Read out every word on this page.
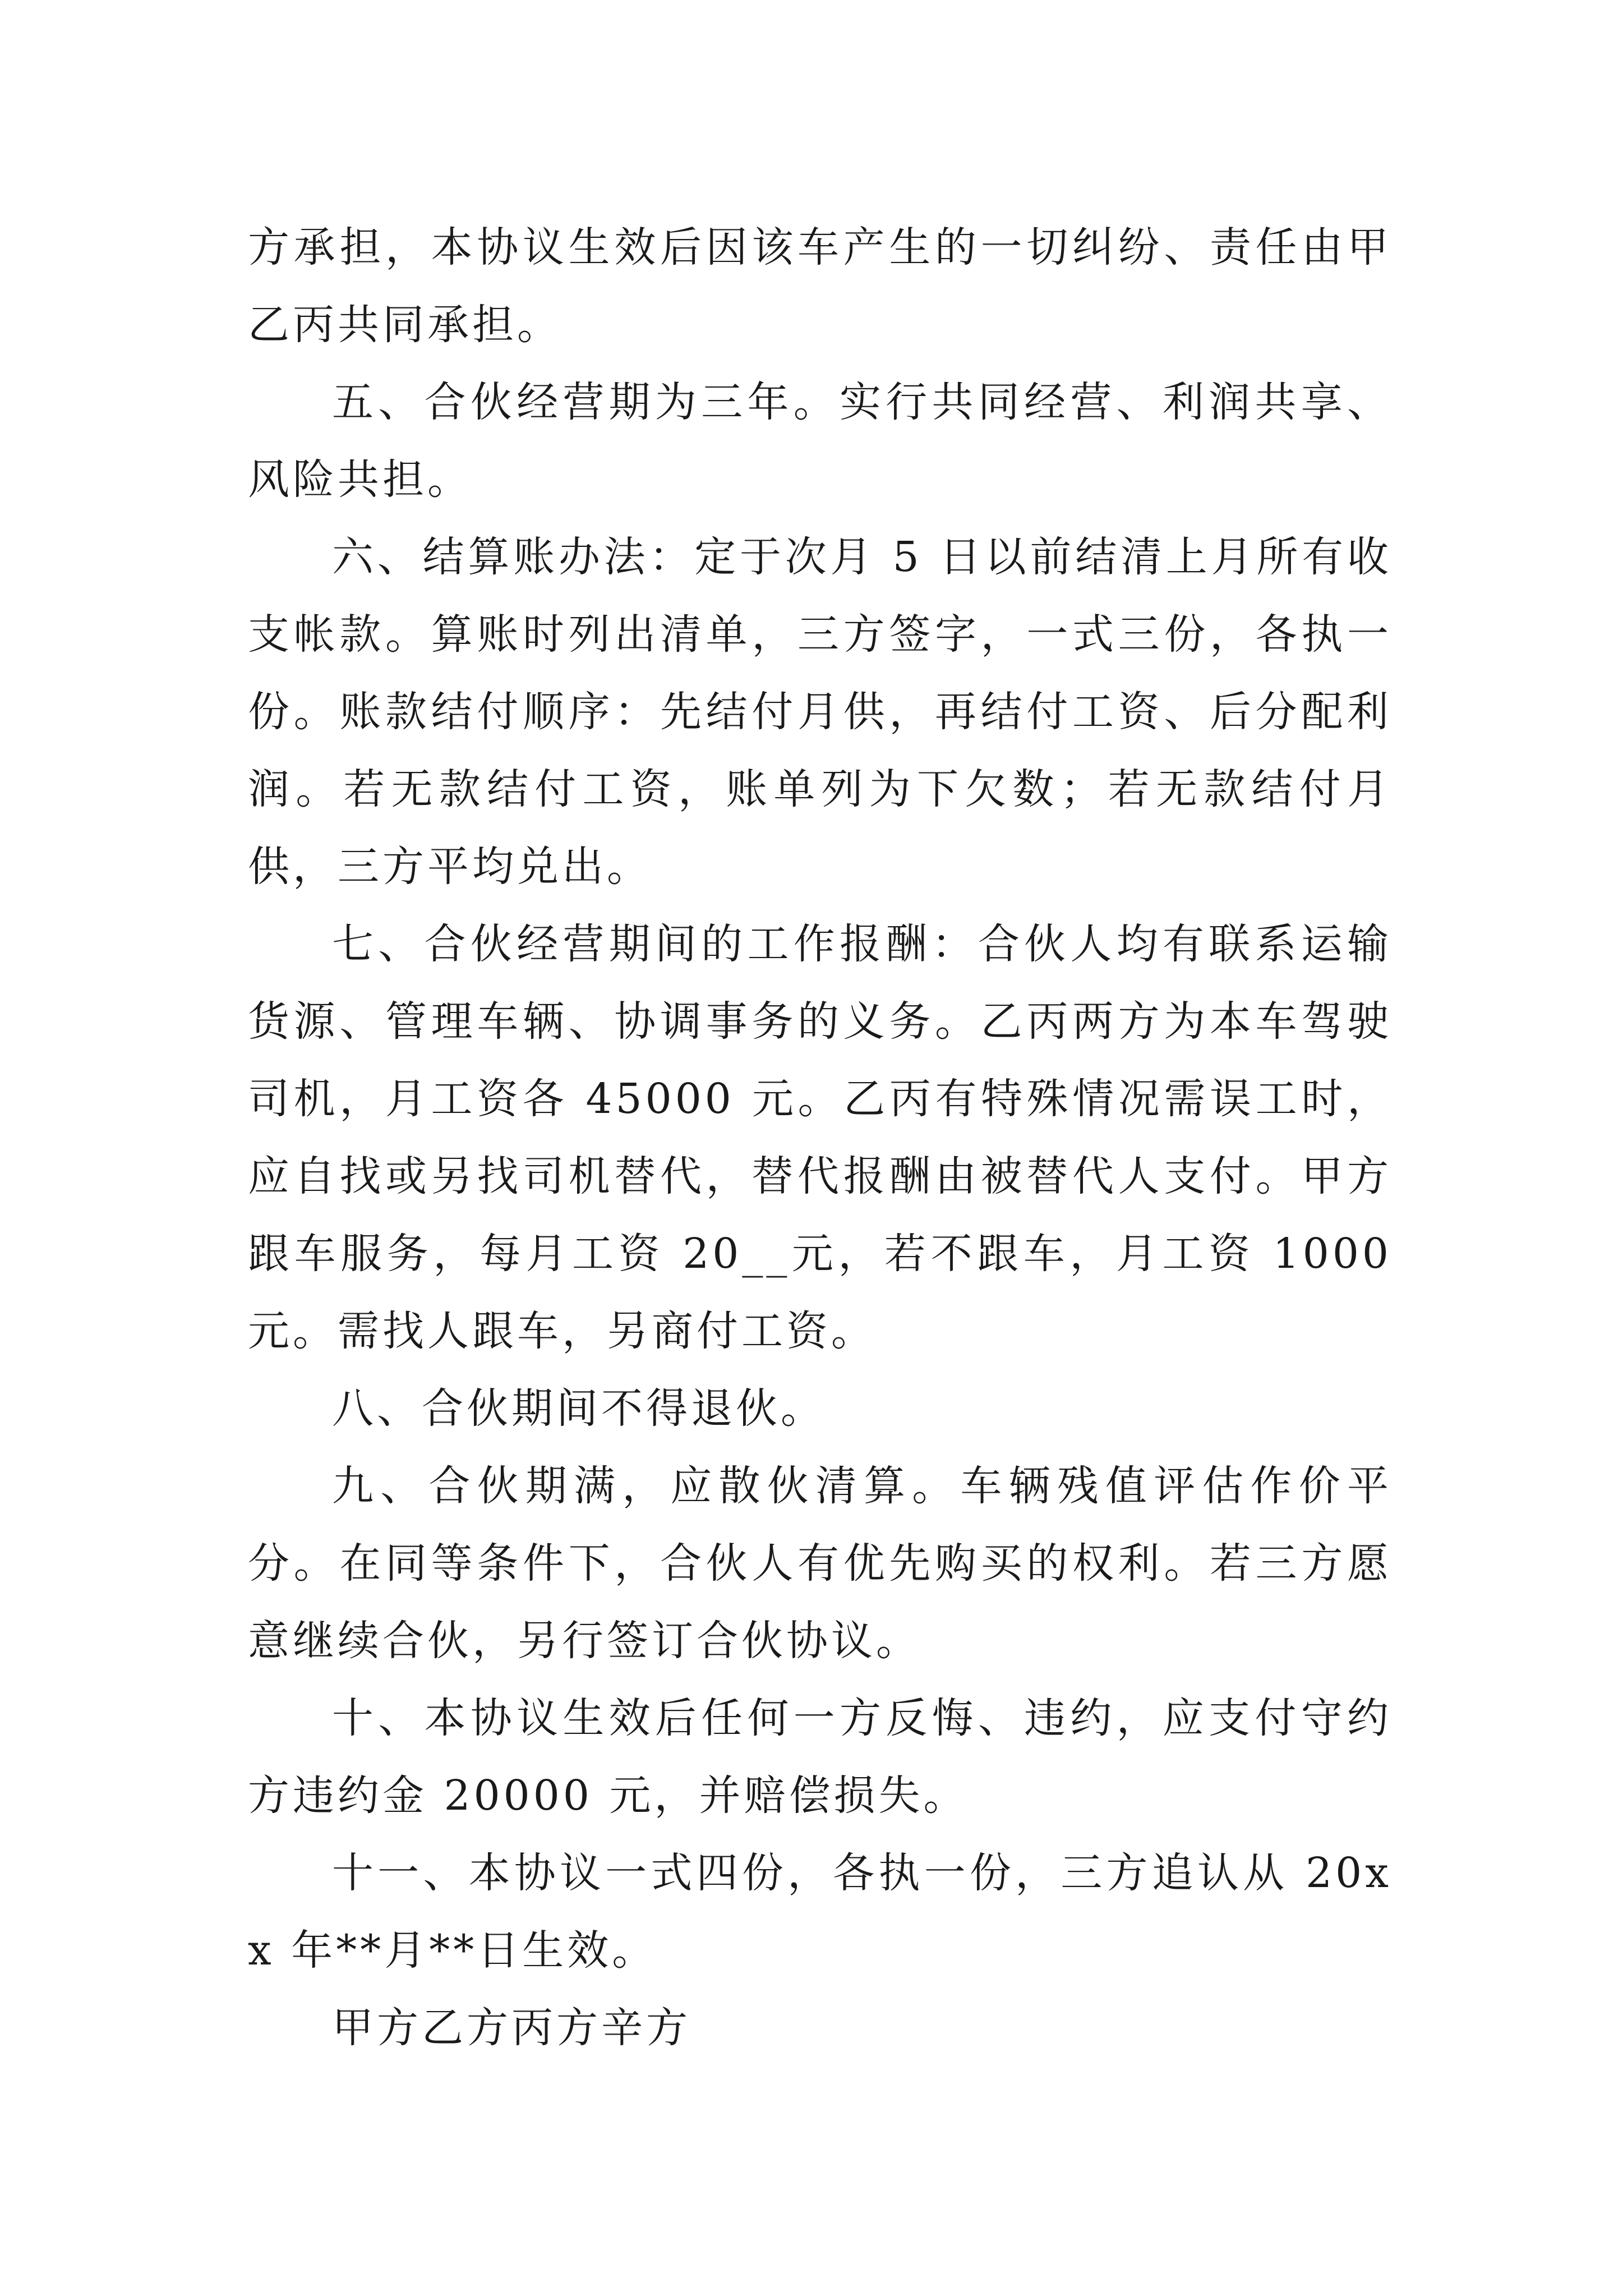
方承担，本协议生效后因该车产生的一切纠纷、责任由甲乙丙共同承担。

五、合伙经营期为三年。实行共同经营、利润共享、风险共担。

六、结算账办法：定于次月 5 日以前结清上月所有收支帐款。算账时列出清单，三方签字，一式三份，各执一份。账款结付顺序：先结付月供，再结付工资、后分配利润。若无款结付工资，账单列为下欠数；若无款结付月供，三方平均兑出。

七、合伙经营期间的工作报酬：合伙人均有联系运输货源、管理车辆、协调事务的义务。乙丙两方为本车驾驶司机，月工资各 45000 元。乙丙有特殊情况需误工时，应自找或另找司机替代，替代报酬由被替代人支付。甲方跟车服务，每月工资 20__元，若不跟车，月工资 1000 元。需找人跟车，另商付工资。

八、合伙期间不得退伙。

九、合伙期满，应散伙清算。车辆残值评估作价平分。在同等条件下，合伙人有优先购买的权利。若三方愿意继续合伙，另行签订合伙协议。

十、本协议生效后任何一方反悔、违约，应支付守约方违约金 20000 元，并赔偿损失。

十一、本协议一式四份，各执一份，三方追认从 20xx 年**月**日生效。

甲方乙方丙方辛方
